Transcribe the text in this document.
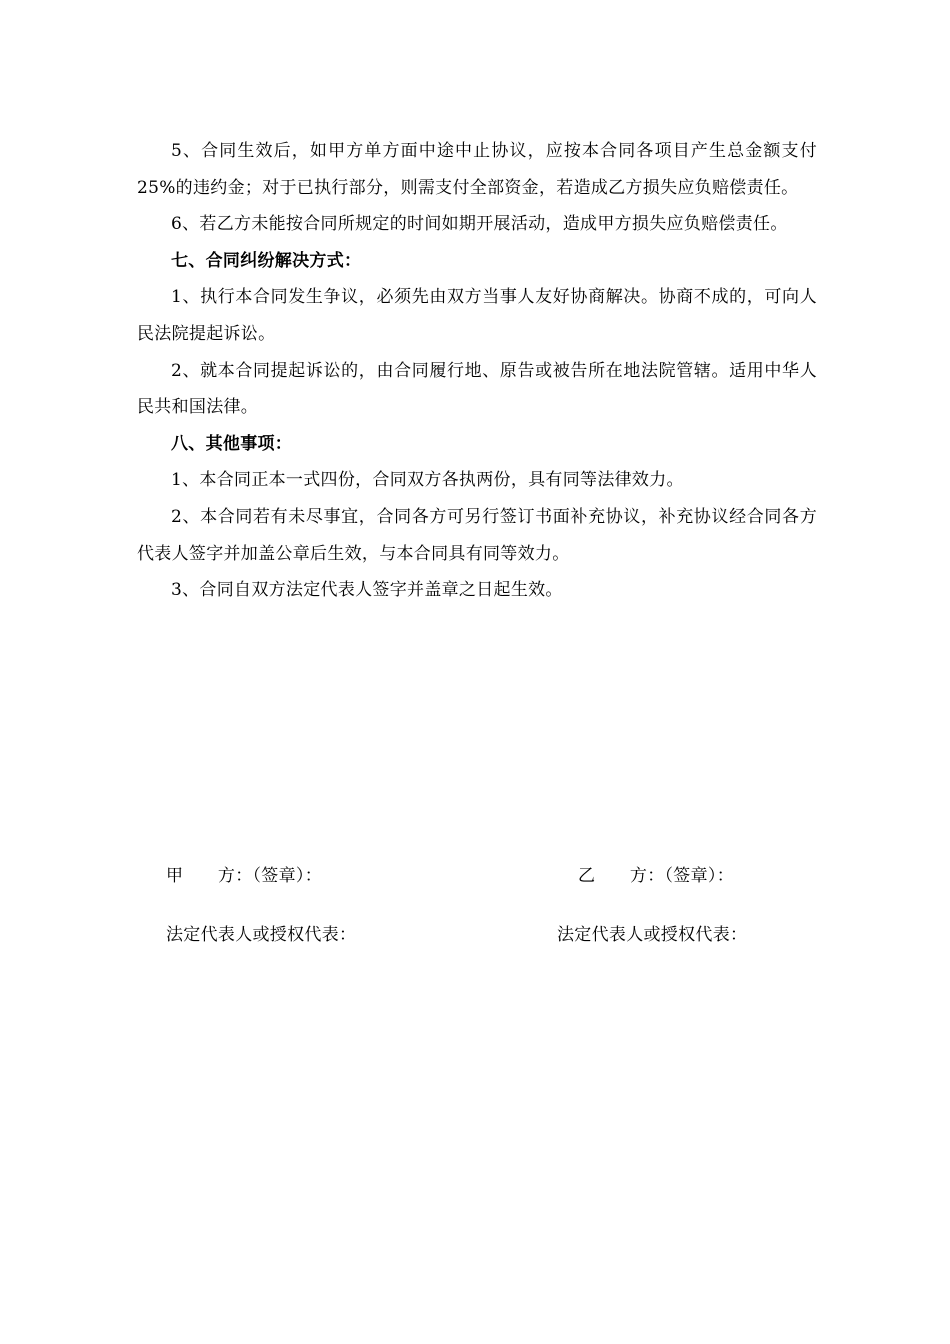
5、合同生效后，如甲方单方面中途中止协议，应按本合同各项目产生总金额支付 25%的违约金；对于已执行部分，则需支付全部资金，若造成乙方损失应负赔偿责任。

6、若乙方未能按合同所规定的时间如期开展活动，造成甲方损失应负赔偿责任。

七、合同纠纷解决方式：

1、执行本合同发生争议，必须先由双方当事人友好协商解决。协商不成的，可向人民法院提起诉讼。

2、就本合同提起诉讼的，由合同履行地、原告或被告所在地法院管辖。适用中华人民共和国法律。

八、其他事项：

1、本合同正本一式四份，合同双方各执两份，具有同等法律效力。

2、本合同若有未尽事宜，合同各方可另行签订书面补充协议，补充协议经合同各方代表人签字并加盖公章后生效，与本合同具有同等效力。

3、合同自双方法定代表人签字并盖章之日起生效。

甲　　方：（签章）：	乙　　方：（签章）：
法定代表人或授权代表：	法定代表人或授权代表：
